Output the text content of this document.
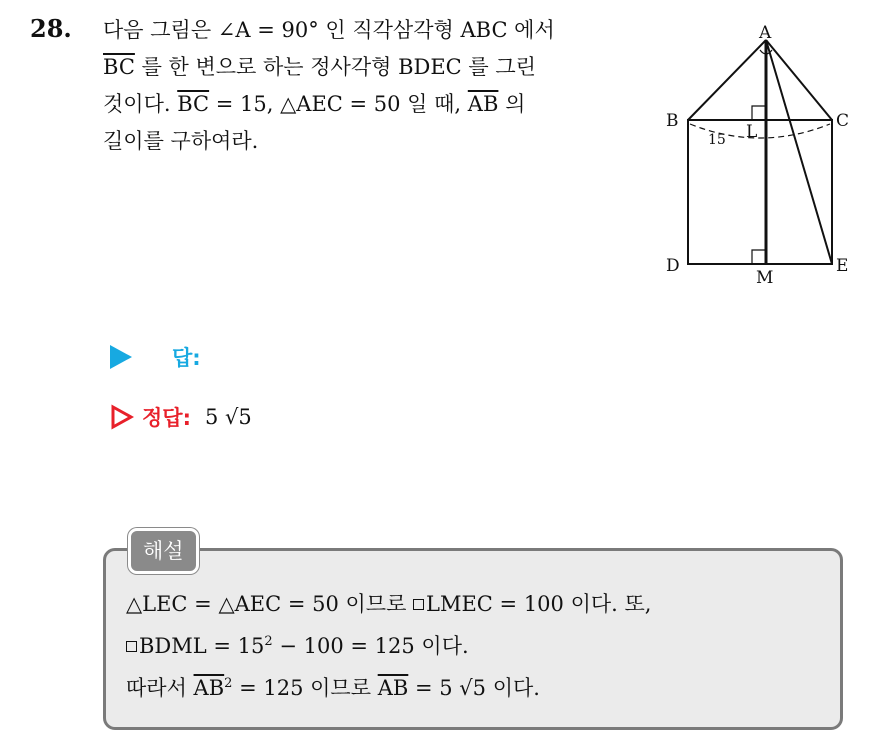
28. 다음 그림은 ∠A = 90° 인 직각삼각형 ABC 에서
$\overline{BC}$ 를 한 변으로 하는 정사각형 BDEC 를 그린
것이다. $\overline{BC} = 15$, △AEC = 50 일 때, $\overline{AB}$ 의
길이를 구하여라.
A
B	C
D	E
L
M
15
답:
정답: 5 √5
해설
△LEC = △AEC = 50 이므로 LMEC = 100 이다. 또,
BDML = $15^2 - 100 = 125$ 이다.
따라서 $\overline{AB}^2 = 125$ 이므로 $\overline{AB} = 5$ √5 이다.
